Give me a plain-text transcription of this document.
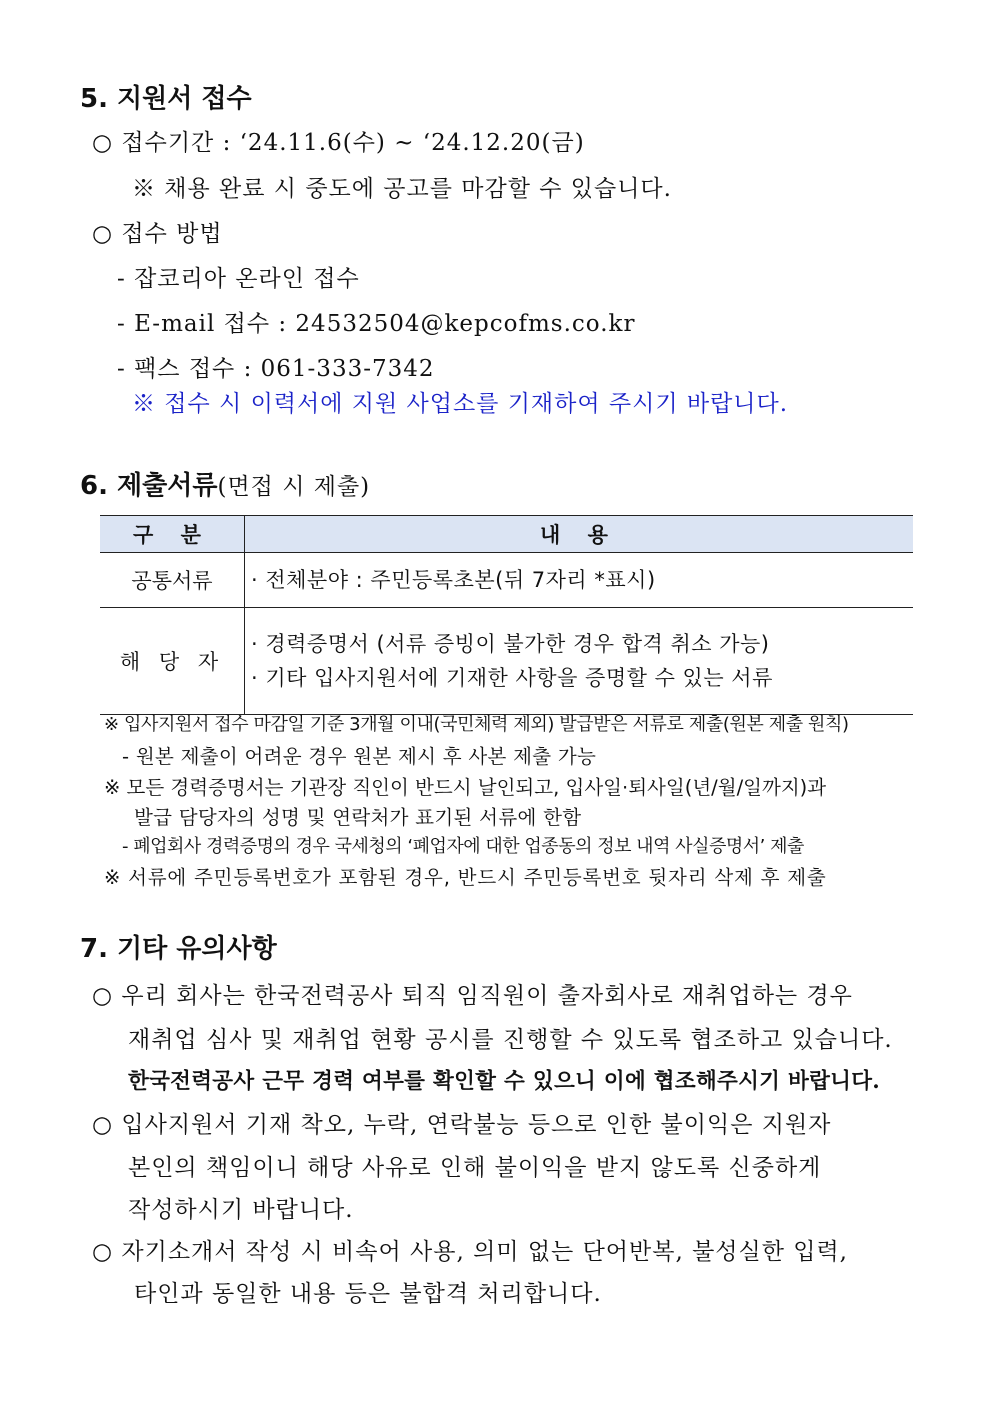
5. 지원서 접수
○ 접수기간 : ‘24.11.6(수) ~ ‘24.12.20(금)
※ 채용 완료 시 중도에 공고를 마감할 수 있습니다.
○ 접수 방법
- 잡코리아 온라인 접수
- E-mail 접수 : 24532504@kepcofms.co.kr
- 팩스 접수 : 061-333-7342
※ 접수 시 이력서에 지원 사업소를 기재하여 주시기 바랍니다.
6. 제출서류(면접 시 제출)
구 분	내 용
공통서류	· 전체분야 : 주민등록초본(뒤 7자리 *표시)

해 당 자	· 경력증명서 (서류 증빙이 불가한 경우 합격 취소 가능)
· 기타 입사지원서에 기재한 사항을 증명할 수 있는 서류
※ 입사지원서 접수 마감일 기준 3개월 이내(국민체력 제외) 발급받은 서류로 제출(원본 제출 원칙)
- 원본 제출이 어려운 경우 원본 제시 후 사본 제출 가능
※ 모든 경력증명서는 기관장 직인이 반드시 날인되고, 입사일·퇴사일(년/월/일까지)과
발급 담당자의 성명 및 연락처가 표기된 서류에 한함
- 폐업회사 경력증명의 경우 국세청의 ‘폐업자에 대한 업종동의 정보 내역 사실증명서’ 제출
※ 서류에 주민등록번호가 포함된 경우, 반드시 주민등록번호 뒷자리 삭제 후 제출
7. 기타 유의사항
○ 우리 회사는 한국전력공사 퇴직 임직원이 출자회사로 재취업하는 경우
재취업 심사 및 재취업 현황 공시를 진행할 수 있도록 협조하고 있습니다.
한국전력공사 근무 경력 여부를 확인할 수 있으니 이에 협조해주시기 바랍니다.
○ 입사지원서 기재 착오, 누락, 연락불능 등으로 인한 불이익은 지원자
본인의 책임이니 해당 사유로 인해 불이익을 받지 않도록 신중하게
작성하시기 바랍니다.
○ 자기소개서 작성 시 비속어 사용, 의미 없는 단어반복, 불성실한 입력,
타인과 동일한 내용 등은 불합격 처리합니다.
